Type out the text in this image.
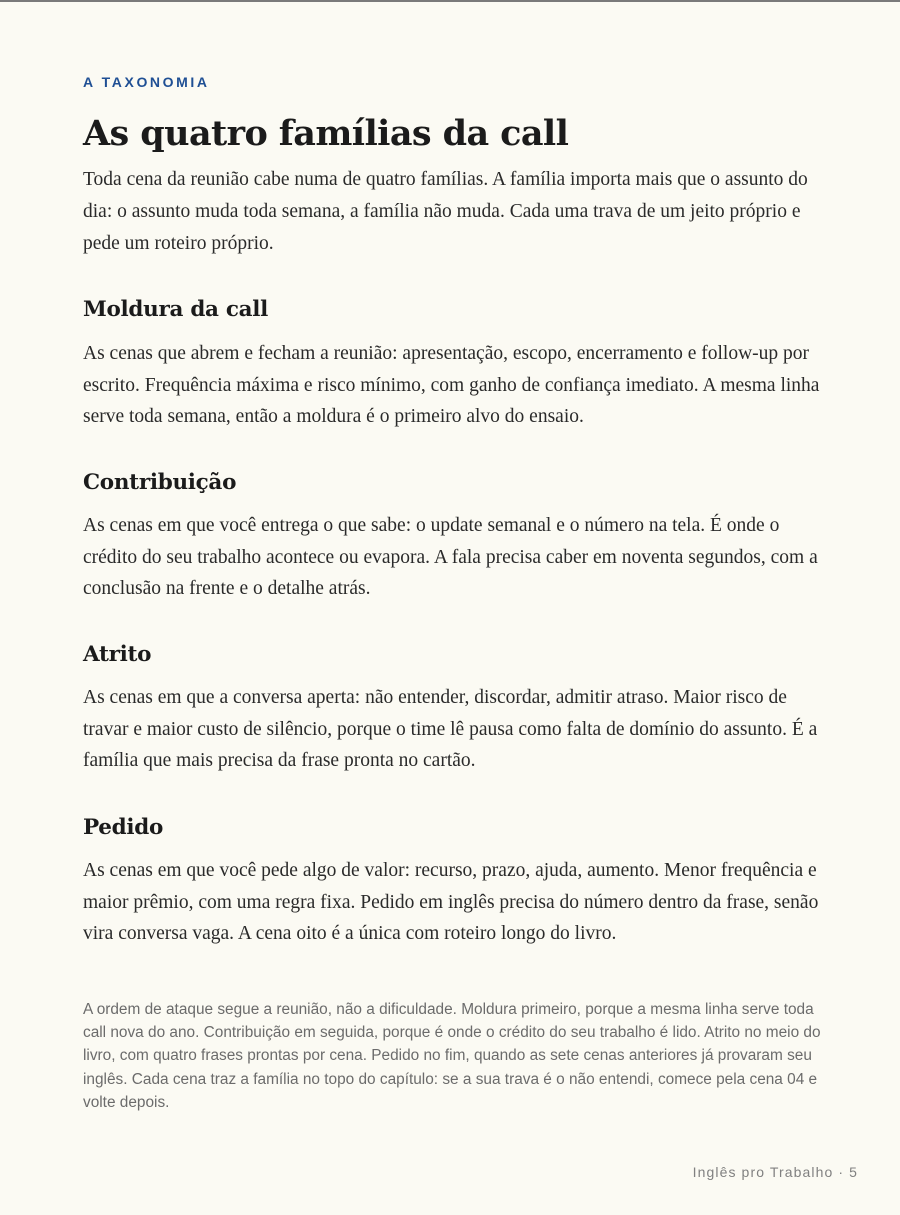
A TAXONOMIA
As quatro famílias da call

Toda cena da reunião cabe numa de quatro famílias. A família importa mais que o assunto do dia: o assunto muda toda semana, a família não muda. Cada uma trava de um jeito próprio e pede um roteiro próprio.

Moldura da call

As cenas que abrem e fecham a reunião: apresentação, escopo, encerramento e follow-up por escrito. Frequência máxima e risco mínimo, com ganho de confiança imediato. A mesma linha serve toda semana, então a moldura é o primeiro alvo do ensaio.

Contribuição

As cenas em que você entrega o que sabe: o update semanal e o número na tela. É onde o crédito do seu trabalho acontece ou evapora. A fala precisa caber em noventa segundos, com a conclusão na frente e o detalhe atrás.

Atrito

As cenas em que a conversa aperta: não entender, discordar, admitir atraso. Maior risco de travar e maior custo de silêncio, porque o time lê pausa como falta de domínio do assunto. É a família que mais precisa da frase pronta no cartão.

Pedido

As cenas em que você pede algo de valor: recurso, prazo, ajuda, aumento. Menor frequência e maior prêmio, com uma regra fixa. Pedido em inglês precisa do número dentro da frase, senão vira conversa vaga. A cena oito é a única com roteiro longo do livro.

A ordem de ataque segue a reunião, não a dificuldade. Moldura primeiro, porque a mesma linha serve toda call nova do ano. Contribuição em seguida, porque é onde o crédito do seu trabalho é lido. Atrito no meio do livro, com quatro frases prontas por cena. Pedido no fim, quando as sete cenas anteriores já provaram seu inglês. Cada cena traz a família no topo do capítulo: se a sua trava é o não entendi, comece pela cena 04 e volte depois.

Inglês pro Trabalho · 5
